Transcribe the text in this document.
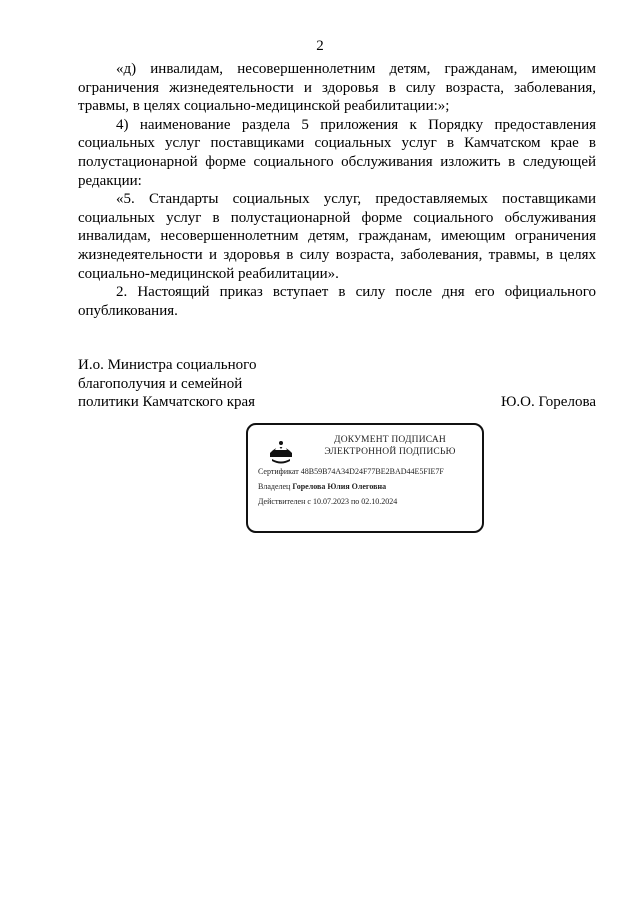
2

«д) инвалидам, несовершеннолетним детям, гражданам, имеющим ограничения жизнедеятельности и здоровья в силу возраста, заболевания, травмы, в целях социально-медицинской реабилитации:»;

4) наименование раздела 5 приложения к Порядку предоставления социальных услуг поставщиками социальных услуг в Камчатском крае в полустационарной форме социального обслуживания изложить в следующей редакции:

«5. Стандарты социальных услуг, предоставляемых поставщиками социальных услуг в полустационарной форме социального обслуживания инвалидам, несовершеннолетним детям, гражданам, имеющим ограничения жизнедеятельности и здоровья в силу возраста, заболевания, травмы, в целях социально-медицинской реабилитации».

2. Настоящий приказ вступает в силу после дня его официального опубликования.

И.о. Министра социального
благополучия и семейной
политики Камчатского края	Ю.О. Горелова
ДОКУМЕНТ ПОДПИСАН
ЭЛЕКТРОННОЙ ПОДПИСЬЮ
Сертификат 48B59B74A34D24F77BE2BAD44E5FIE7F
Владелец Горелова Юлия Олеговна
Действителен с 10.07.2023 по 02.10.2024
